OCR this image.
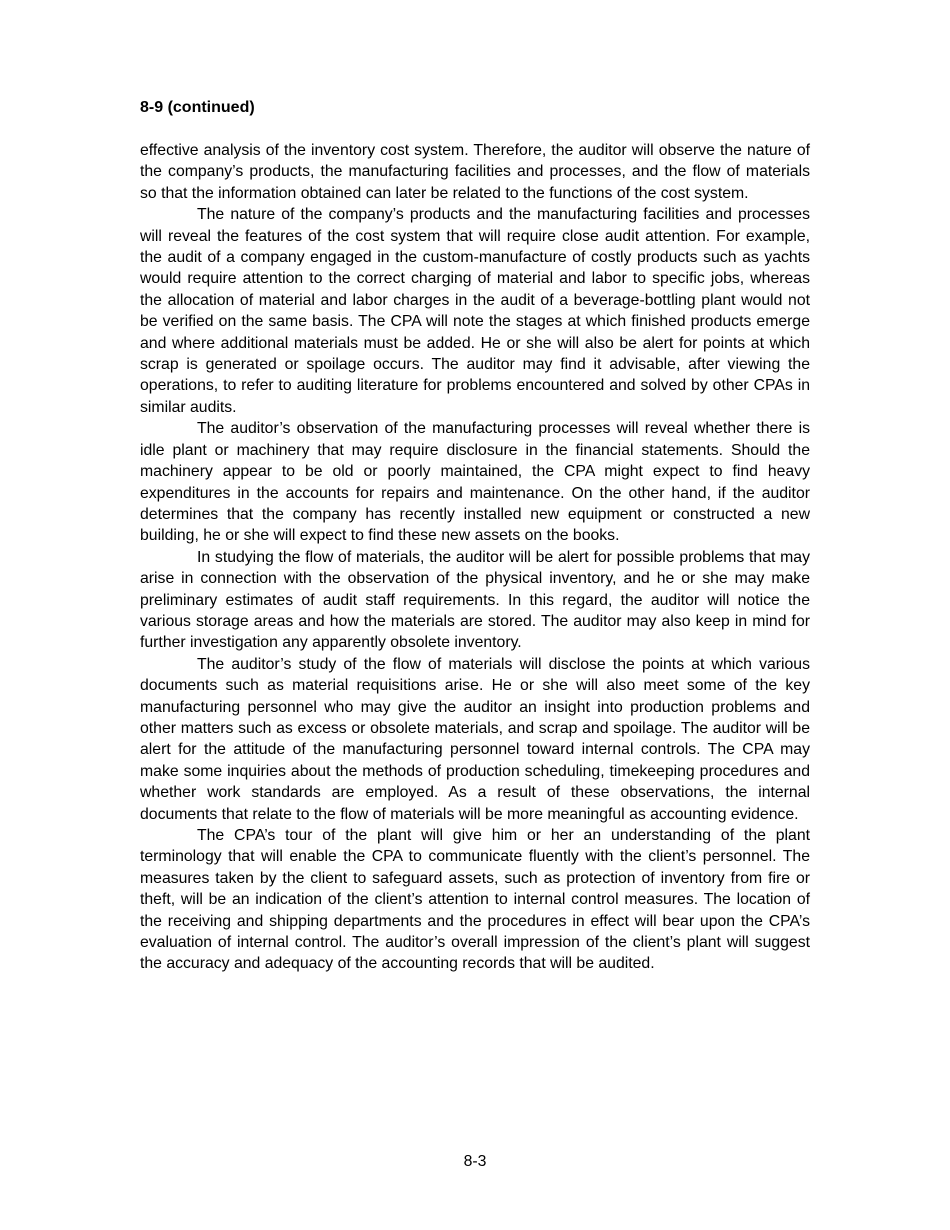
8-9 (continued)

effective analysis of the inventory cost system. Therefore, the auditor will observe the nature of the company’s products, the manufacturing facilities and processes, and the flow of materials so that the information obtained can later be related to the functions of the cost system.

The nature of the company’s products and the manufacturing facilities and processes will reveal the features of the cost system that will require close audit attention. For example, the audit of a company engaged in the custom-manufacture of costly products such as yachts would require attention to the correct charging of material and labor to specific jobs, whereas the allocation of material and labor charges in the audit of a beverage-bottling plant would not be verified on the same basis. The CPA will note the stages at which finished products emerge and where additional materials must be added. He or she will also be alert for points at which scrap is generated or spoilage occurs. The auditor may find it advisable, after viewing the operations, to refer to auditing literature for problems encountered and solved by other CPAs in similar audits.

The auditor’s observation of the manufacturing processes will reveal whether there is idle plant or machinery that may require disclosure in the financial statements. Should the machinery appear to be old or poorly maintained, the CPA might expect to find heavy expenditures in the accounts for repairs and maintenance. On the other hand, if the auditor determines that the company has recently installed new equipment or constructed a new building, he or she will expect to find these new assets on the books.

In studying the flow of materials, the auditor will be alert for possible problems that may arise in connection with the observation of the physical inventory, and he or she may make preliminary estimates of audit staff requirements. In this regard, the auditor will notice the various storage areas and how the materials are stored. The auditor may also keep in mind for further investigation any apparently obsolete inventory.

The auditor’s study of the flow of materials will disclose the points at which various documents such as material requisitions arise. He or she will also meet some of the key manufacturing personnel who may give the auditor an insight into production problems and other matters such as excess or obsolete materials, and scrap and spoilage. The auditor will be alert for the attitude of the manufacturing personnel toward internal controls. The CPA may make some inquiries about the methods of production scheduling, timekeeping procedures and whether work standards are employed. As a result of these observations, the internal documents that relate to the flow of materials will be more meaningful as accounting evidence.

The CPA’s tour of the plant will give him or her an understanding of the plant terminology that will enable the CPA to communicate fluently with the client’s personnel. The measures taken by the client to safeguard assets, such as protection of inventory from fire or theft, will be an indication of the client’s attention to internal control measures. The location of the receiving and shipping departments and the procedures in effect will bear upon the CPA’s evaluation of internal control. The auditor’s overall impression of the client’s plant will suggest the accuracy and adequacy of the accounting records that will be audited.

8-3
